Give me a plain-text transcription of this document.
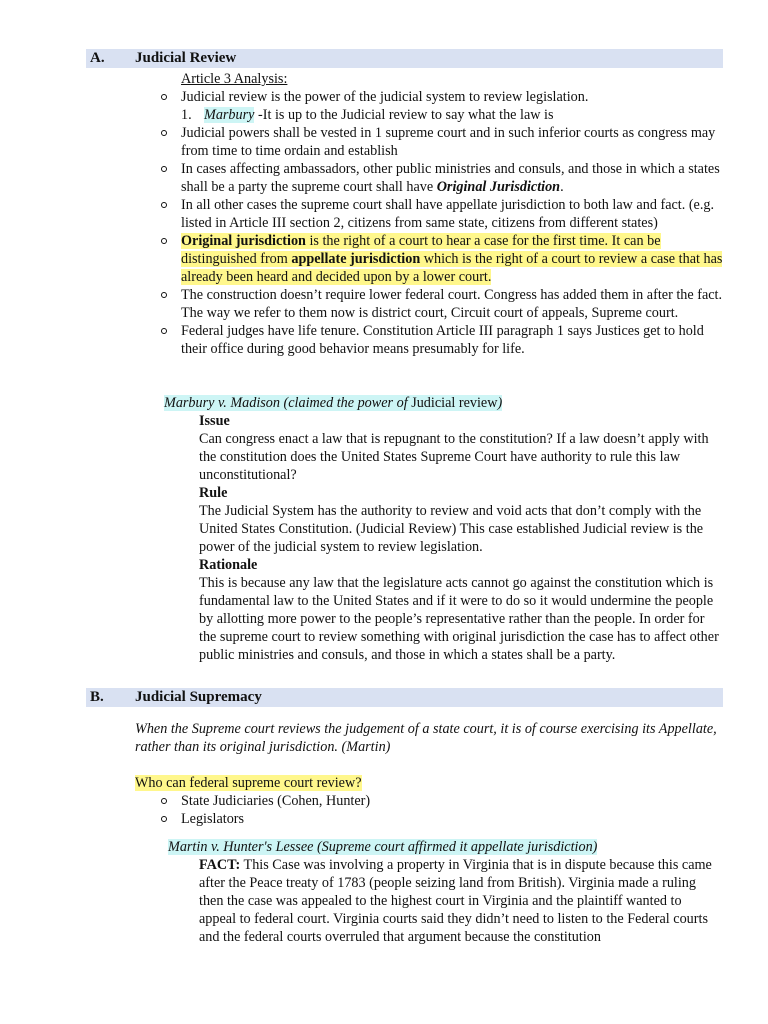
A. Judicial Review
Article 3 Analysis:
Judicial review is the power of the judicial system to review legislation.
1. Marbury -It is up to the Judicial review to say what the law is
Judicial powers shall be vested in 1 supreme court and in such inferior courts as congress may from time to time ordain and establish
In cases affecting ambassadors, other public ministries and consuls, and those in which a states shall be a party the supreme court shall have Original Jurisdiction.
In all other cases the supreme court shall have appellate jurisdiction to both law and fact. (e.g. listed in Article III section 2, citizens from same state, citizens from different states)
Original jurisdiction is the right of a court to hear a case for the first time. It can be distinguished from appellate jurisdiction which is the right of a court to review a case that has already been heard and decided upon by a lower court.
The construction doesn’t require lower federal court. Congress has added them in after the fact. The way we refer to them now is district court, Circuit court of appeals, Supreme court.
Federal judges have life tenure. Constitution Article III paragraph 1 says Justices get to hold their office during good behavior means presumably for life.
Marbury v. Madison (claimed the power of Judicial review)

Issue

Can congress enact a law that is repugnant to the constitution? If a law doesn’t apply with the constitution does the United States Supreme Court have authority to rule this law unconstitutional?

Rule

The Judicial System has the authority to review and void acts that don’t comply with the United States Constitution. (Judicial Review) This case established Judicial review is the power of the judicial system to review legislation.

Rationale

This is because any law that the legislature acts cannot go against the constitution which is fundamental law to the United States and if it were to do so it would undermine the people by allotting more power to the people’s representative rather than the people. In order for the supreme court to review something with original jurisdiction the case has to affect other public ministries and consuls, and those in which a states shall be a party.

B. Judicial Supremacy
When the Supreme court reviews the judgement of a state court, it is of course exercising its Appellate, rather than its original jurisdiction. (Martin)
Who can federal supreme court review?
State Judiciaries (Cohen, Hunter)
Legislators
Martin v. Hunter's Lessee (Supreme court affirmed it appellate jurisdiction)
FACT: This Case was involving a property in Virginia that is in dispute because this came after the Peace treaty of 1783 (people seizing land from British). Virginia made a ruling then the case was appealed to the highest court in Virginia and the plaintiff wanted to appeal to federal court. Virginia courts said they didn’t need to listen to the Federal courts and the federal courts overruled that argument because the constitution
